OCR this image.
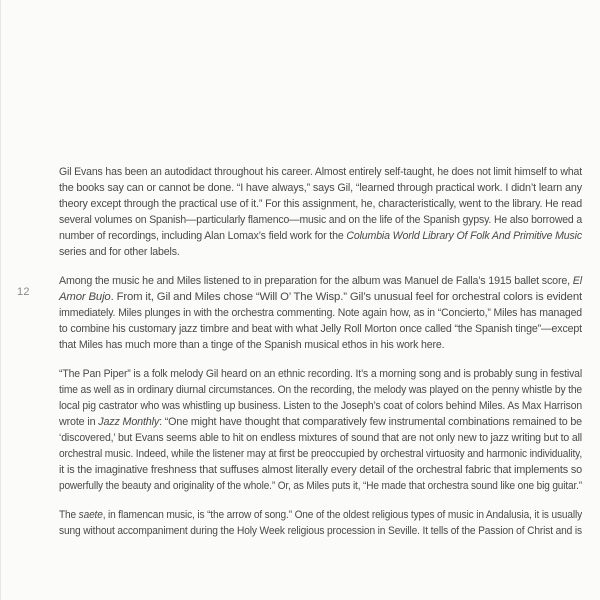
12

Gil Evans has been an autodidact throughout his career. Almost entirely self-taught, he does not limit himself to what
the books say can or cannot be done. “I have always,” says Gil, “learned through practical work. I didn’t learn any
theory except through the practical use of it.” For this assignment, he, characteristically, went to the library. He read
several volumes on Spanish—particularly flamenco—music and on the life of the Spanish gypsy. He also borrowed a
number of recordings, including Alan Lomax’s field work for the Columbia World Library Of Folk And Primitive Music
series and for other labels.

Among the music he and Miles listened to in preparation for the album was Manuel de Falla’s 1915 ballet score, El
Amor Bujo. From it, Gil and Miles chose “Will O’ The Wisp.” Gil’s unusual feel for orchestral colors is evident
immediately. Miles plunges in with the orchestra commenting. Note again how, as in “Concierto,” Miles has managed
to combine his customary jazz timbre and beat with what Jelly Roll Morton once called “the Spanish tinge”—except
that Miles has much more than a tinge of the Spanish musical ethos in his work here.

“The Pan Piper” is a folk melody Gil heard on an ethnic recording. It’s a morning song and is probably sung in festival
time as well as in ordinary diurnal circumstances. On the recording, the melody was played on the penny whistle by the
local pig castrator who was whistling up business. Listen to the Joseph’s coat of colors behind Miles. As Max Harrison
wrote in Jazz Monthly: “One might have thought that comparatively few instrumental combinations remained to be
‘discovered,’ but Evans seems able to hit on endless mixtures of sound that are not only new to jazz writing but to all
orchestral music. Indeed, while the listener may at first be preoccupied by orchestral virtuosity and harmonic individuality,
it is the imaginative freshness that suffuses almost literally every detail of the orchestral fabric that implements so
powerfully the beauty and originality of the whole.” Or, as Miles puts it, “He made that orchestra sound like one big guitar.”

The saete, in flamencan music, is “the arrow of song.” One of the oldest religious types of music in Andalusia, it is usually
sung without accompaniment during the Holy Week religious procession in Seville. It tells of the Passion of Christ and is
